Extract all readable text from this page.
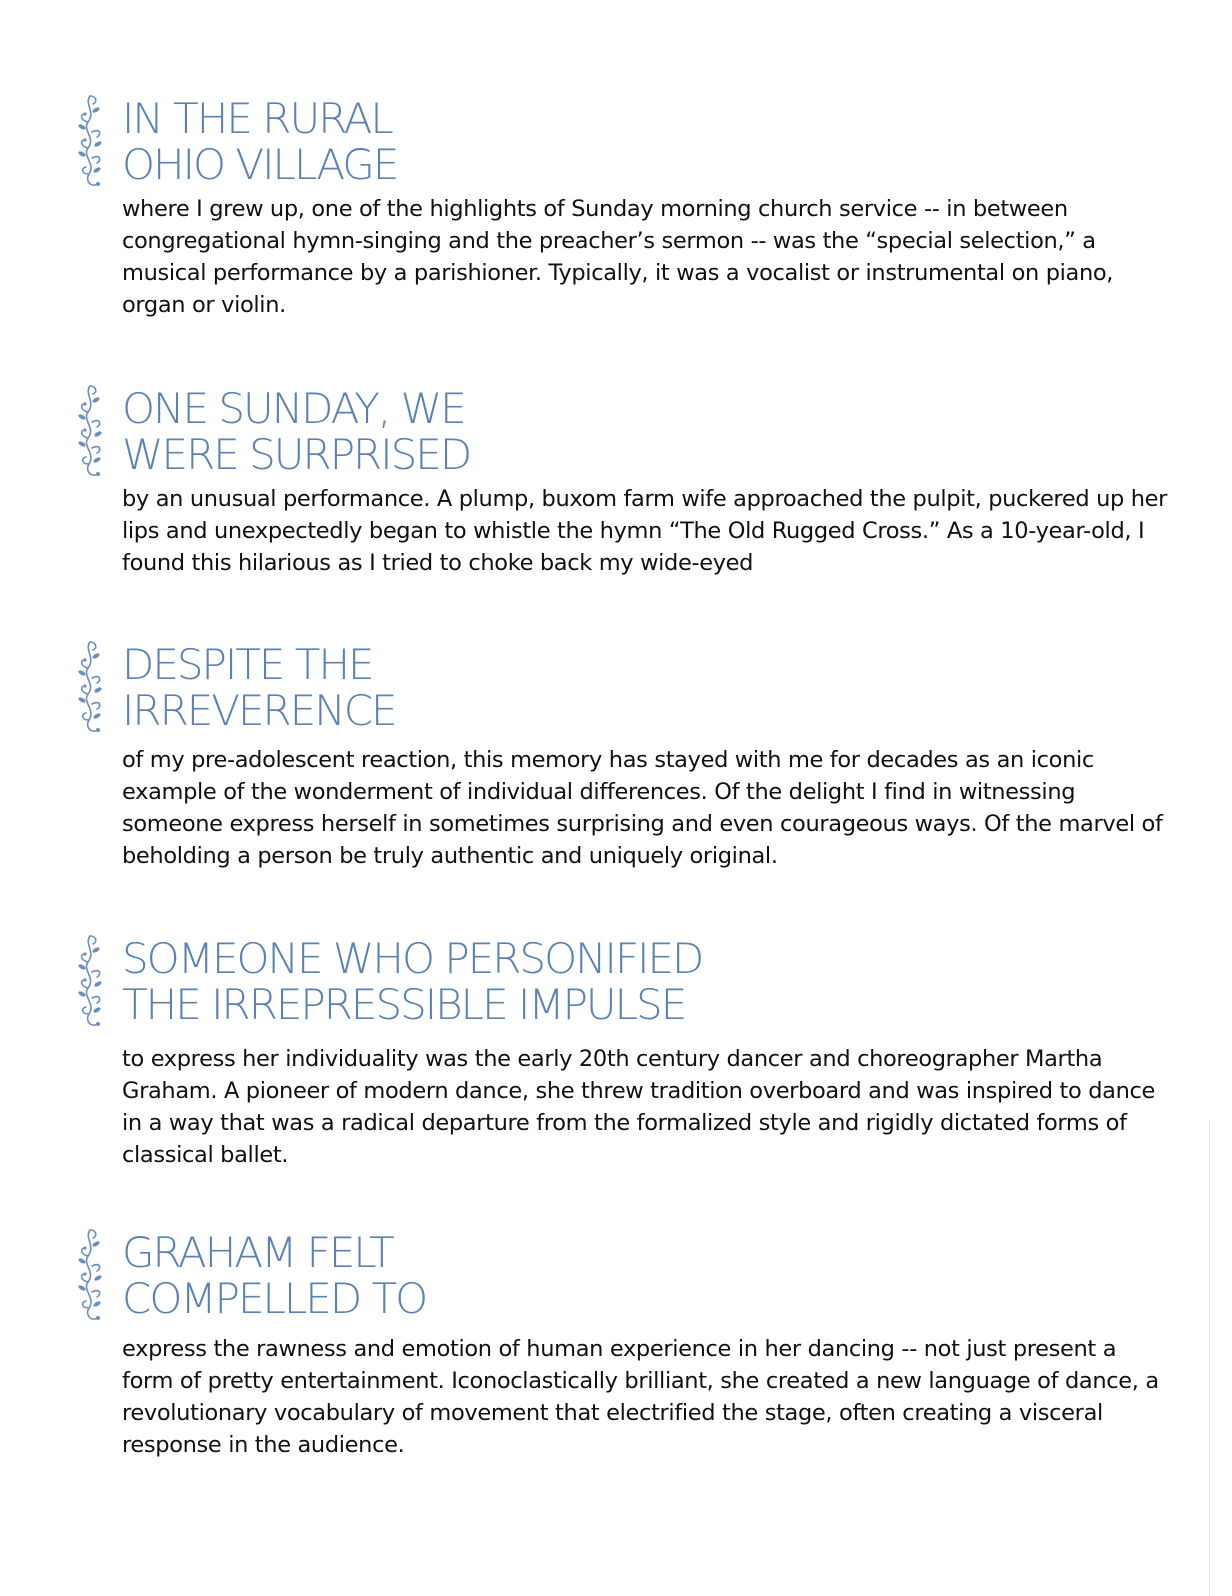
IN THE RURAL
OHIO VILLAGE

where I grew up, one of the highlights of Sunday morning church service -- in between congregational hymn-singing and the preacher’s sermon -- was the “special selection,” a musical performance by a parishioner. Typically, it was a vocalist or instrumental on piano, organ or violin.

ONE SUNDAY, WE
WERE SURPRISED

by an unusual performance. A plump, buxom farm wife approached the pulpit, puckered up her lips and unexpectedly began to whistle the hymn “The Old Rugged Cross.” As a 10-year-old, I found this hilarious as I tried to choke back my wide-eyed

DESPITE THE
IRREVERENCE

of my pre-adolescent reaction, this memory has stayed with me for decades as an iconic example of the wonderment of individual differences. Of the delight I find in witnessing someone express herself in sometimes surprising and even courageous ways. Of the marvel of beholding a person be truly authentic and uniquely original.

SOMEONE WHO PERSONIFIED
THE IRREPRESSIBLE IMPULSE

to express her individuality was the early 20th century dancer and choreographer Martha Graham. A pioneer of modern dance, she threw tradition overboard and was inspired to dance in a way that was a radical departure from the formalized style and rigidly dictated forms of classical ballet.

GRAHAM FELT
COMPELLED TO

express the rawness and emotion of human experience in her dancing -- not just present a form of pretty entertainment. Iconoclastically brilliant, she created a new language of dance, a revolutionary vocabulary of movement that electrified the stage, often creating a visceral response in the audience.
